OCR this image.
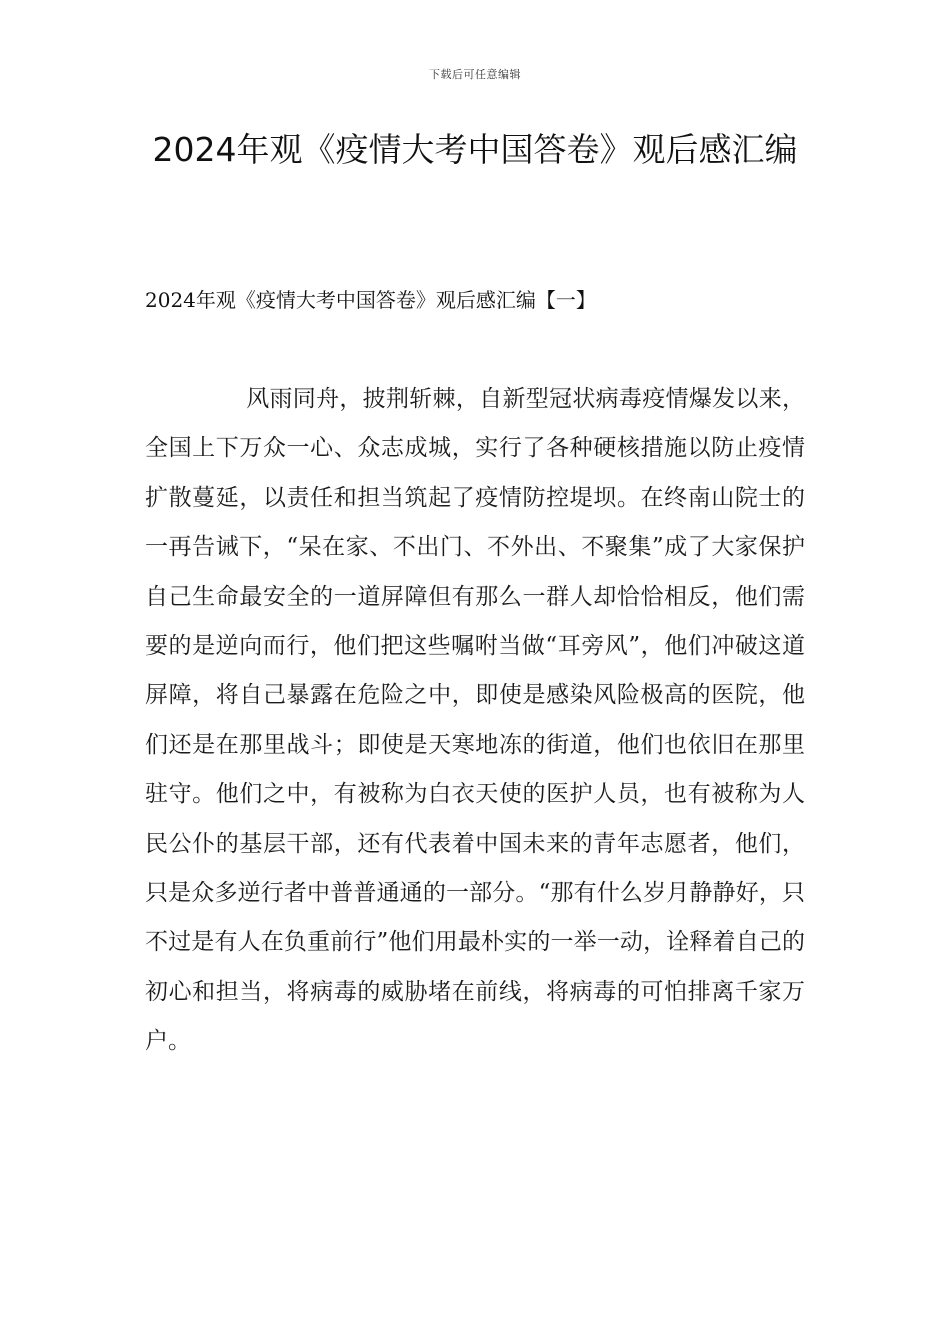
下载后可任意编辑
2024年观《疫情大考中国答卷》观后感汇编
2024年观《疫情大考中国答卷》观后感汇编【一】

风雨同舟，披荆斩棘，自新型冠状病毒疫情爆发以来，全国上下万众一心、众志成城，实行了各种硬核措施以防止疫情扩散蔓延，以责任和担当筑起了疫情防控堤坝。在终南山院士的一再告诫下，“呆在家、不出门、不外出、不聚集”成了大家保护自己生命最安全的一道屏障但有那么一群人却恰恰相反，他们需要的是逆向而行，他们把这些嘱咐当做“耳旁风”，他们冲破这道屏障，将自己暴露在危险之中，即使是感染风险极高的医院，他们还是在那里战斗；即使是天寒地冻的街道，他们也依旧在那里驻守。他们之中，有被称为白衣天使的医护人员，也有被称为人民公仆的基层干部，还有代表着中国未来的青年志愿者，他们，只是众多逆行者中普普通通的一部分。“那有什么岁月静静好，只不过是有人在负重前行”他们用最朴实的一举一动，诠释着自己的初心和担当，将病毒的威胁堵在前线，将病毒的可怕排离千家万户。
